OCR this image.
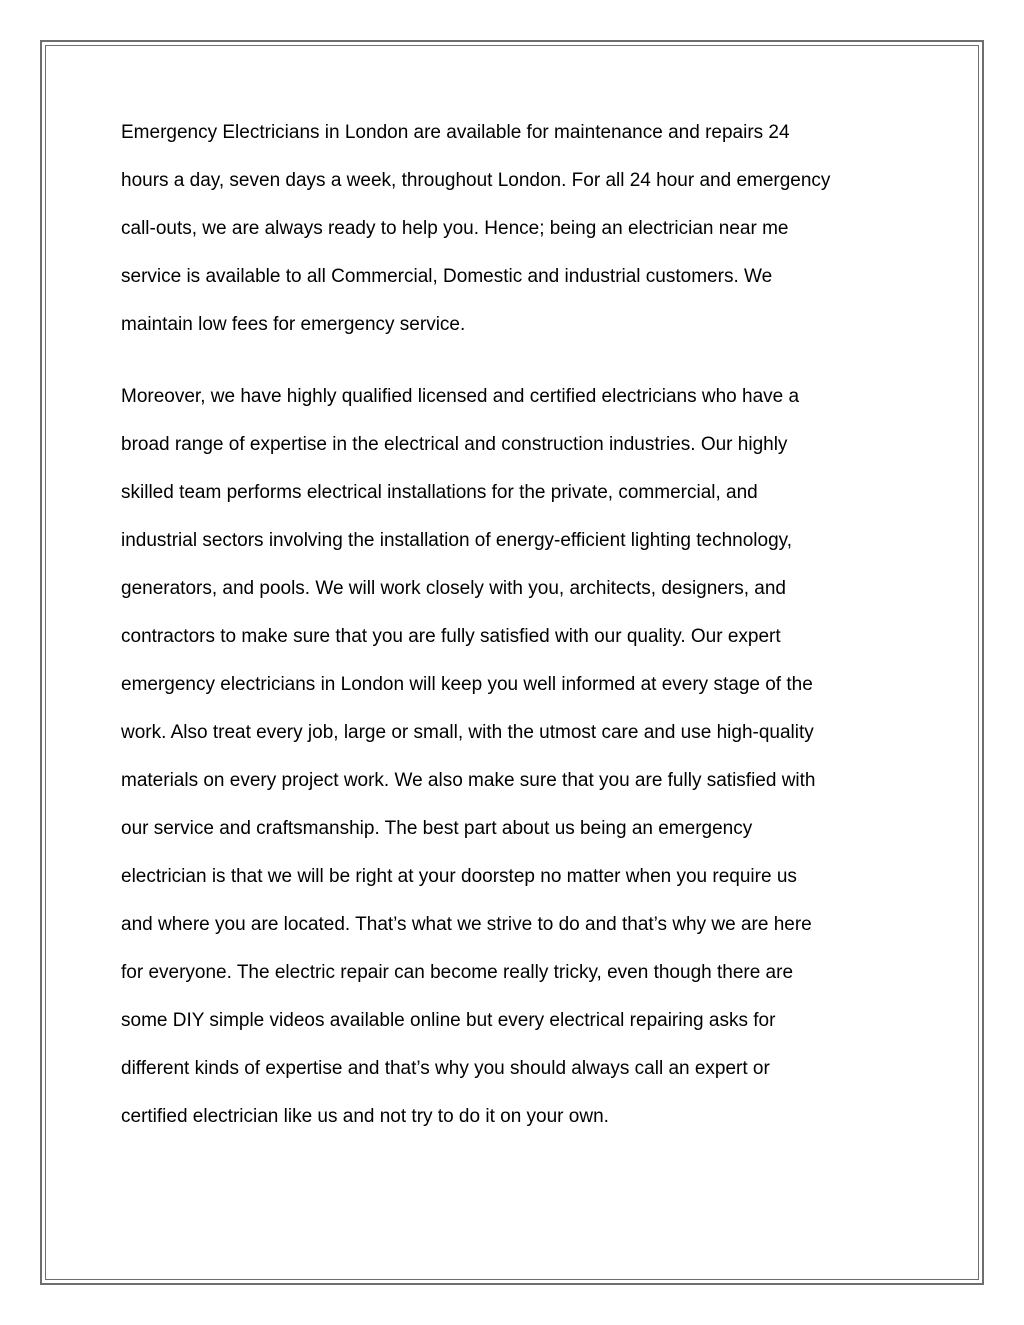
Emergency Electricians in London are available for maintenance and repairs 24
hours a day, seven days a week, throughout London. For all 24 hour and emergency
call-outs, we are always ready to help you. Hence; being an electrician near me
service is available to all Commercial, Domestic and industrial customers. We
maintain low fees for emergency service.
Moreover, we have highly qualified licensed and certified electricians who have a
broad range of expertise in the electrical and construction industries. Our highly
skilled team performs electrical installations for the private, commercial, and
industrial sectors involving the installation of energy-efficient lighting technology,
generators, and pools. We will work closely with you, architects, designers, and
contractors to make sure that you are fully satisfied with our quality. Our expert
emergency electricians in London will keep you well informed at every stage of the
work. Also treat every job, large or small, with the utmost care and use high-quality
materials on every project work. We also make sure that you are fully satisfied with
our service and craftsmanship. The best part about us being an emergency
electrician is that we will be right at your doorstep no matter when you require us
and where you are located. That’s what we strive to do and that’s why we are here
for everyone. The electric repair can become really tricky, even though there are
some DIY simple videos available online but every electrical repairing asks for
different kinds of expertise and that’s why you should always call an expert or
certified electrician like us and not try to do it on your own.
